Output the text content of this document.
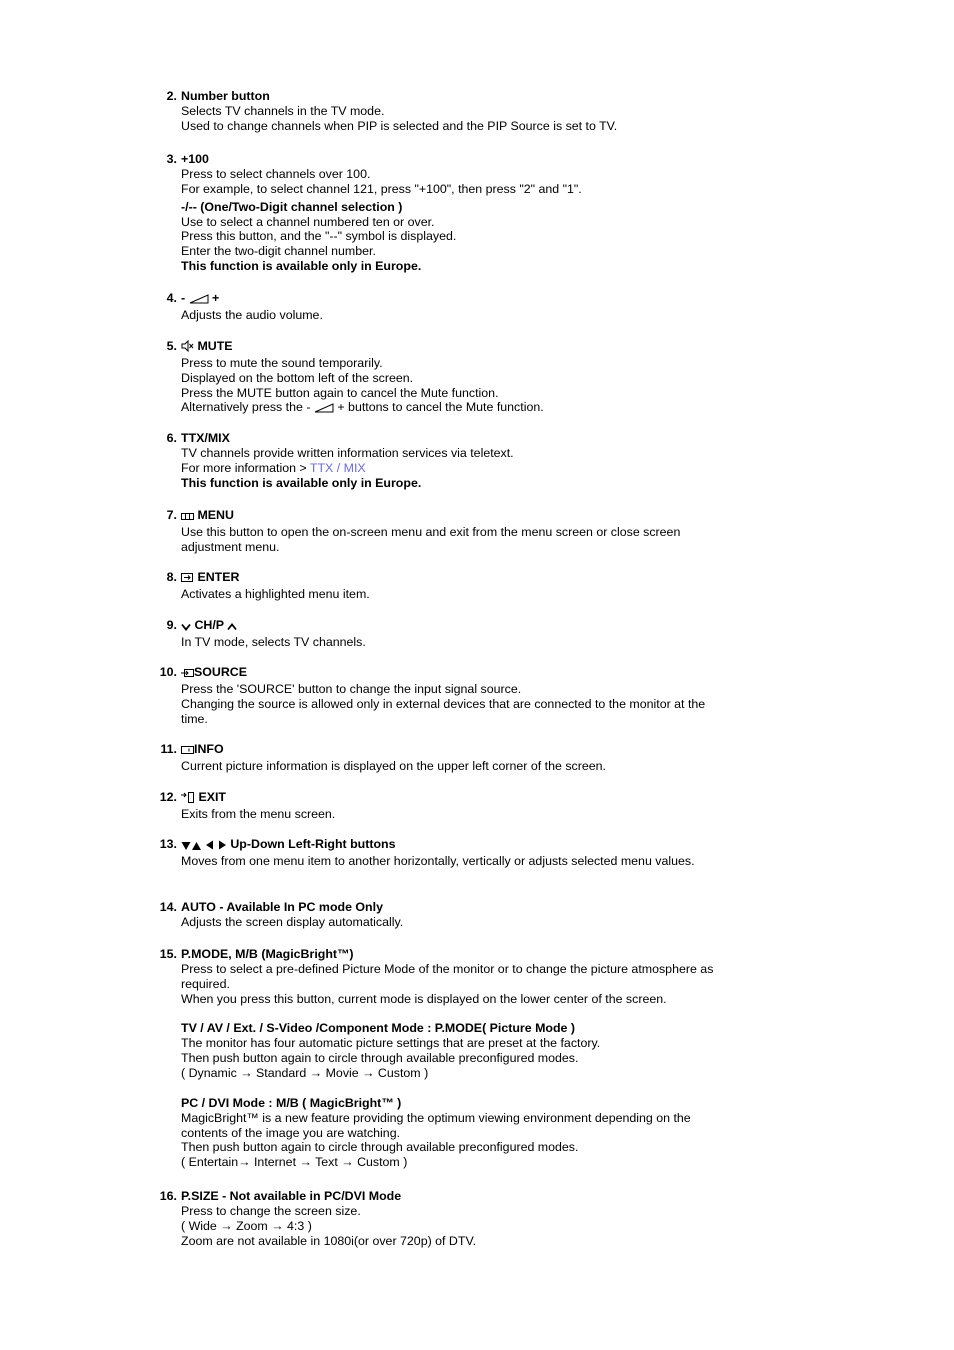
2. Number button
Selects TV channels in the TV mode.
Used to change channels when PIP is selected and the PIP Source is set to TV.
3. +100
Press to select channels over 100.
For example, to select channel 121, press "+100", then press "2" and "1".
-/-- (One/Two-Digit channel selection )
Use to select a channel numbered ten or over.
Press this button, and the "--" symbol is displayed.
Enter the two-digit channel number.
This function is available only in Europe.
4. - +
Adjusts the audio volume.
5.	MUTE
Press to mute the sound temporarily.
Displayed on the bottom left of the screen.
Press the MUTE button again to cancel the Mute function.
Alternatively press the - + buttons to cancel the Mute function.
6. TTX/MIX
TV channels provide written information services via teletext.
For more information > TTX / MIX
This function is available only in Europe.
7.	MENU
Use this button to open the on-screen menu and exit from the menu screen or close screen adjustment menu.
8.	ENTER
Activates a highlighted menu item.
9.	CH/P
In TV mode, selects TV channels.
10.	SOURCE
Press the 'SOURCE' button to change the input signal source.
Changing the source is allowed only in external devices that are connected to the monitor at the time.
11.	INFO
Current picture information is displayed on the upper left corner of the screen.
12.	EXIT
Exits from the menu screen.
13.	Up-Down Left-Right buttons
Moves from one menu item to another horizontally, vertically or adjusts selected menu values.
14. AUTO - Available In PC mode Only
Adjusts the screen display automatically.
15. P.MODE, M/B (MagicBright™)
Press to select a pre-defined Picture Mode of the monitor or to change the picture atmosphere as required.
When you press this button, current mode is displayed on the lower center of the screen.
TV / AV / Ext. / S-Video /Component Mode : P.MODE( Picture Mode )
The monitor has four automatic picture settings that are preset at the factory.
Then push button again to circle through available preconfigured modes.
( Dynamic → Standard → Movie → Custom )
PC / DVI Mode : M/B ( MagicBright™ )
MagicBright™ is a new feature providing the optimum viewing environment depending on the contents of the image you are watching.
Then push button again to circle through available preconfigured modes.
( Entertain→ Internet → Text → Custom )
16. P.SIZE - Not available in PC/DVI Mode
Press to change the screen size.
( Wide → Zoom → 4:3 )
Zoom are not available in 1080i(or over 720p) of DTV.
